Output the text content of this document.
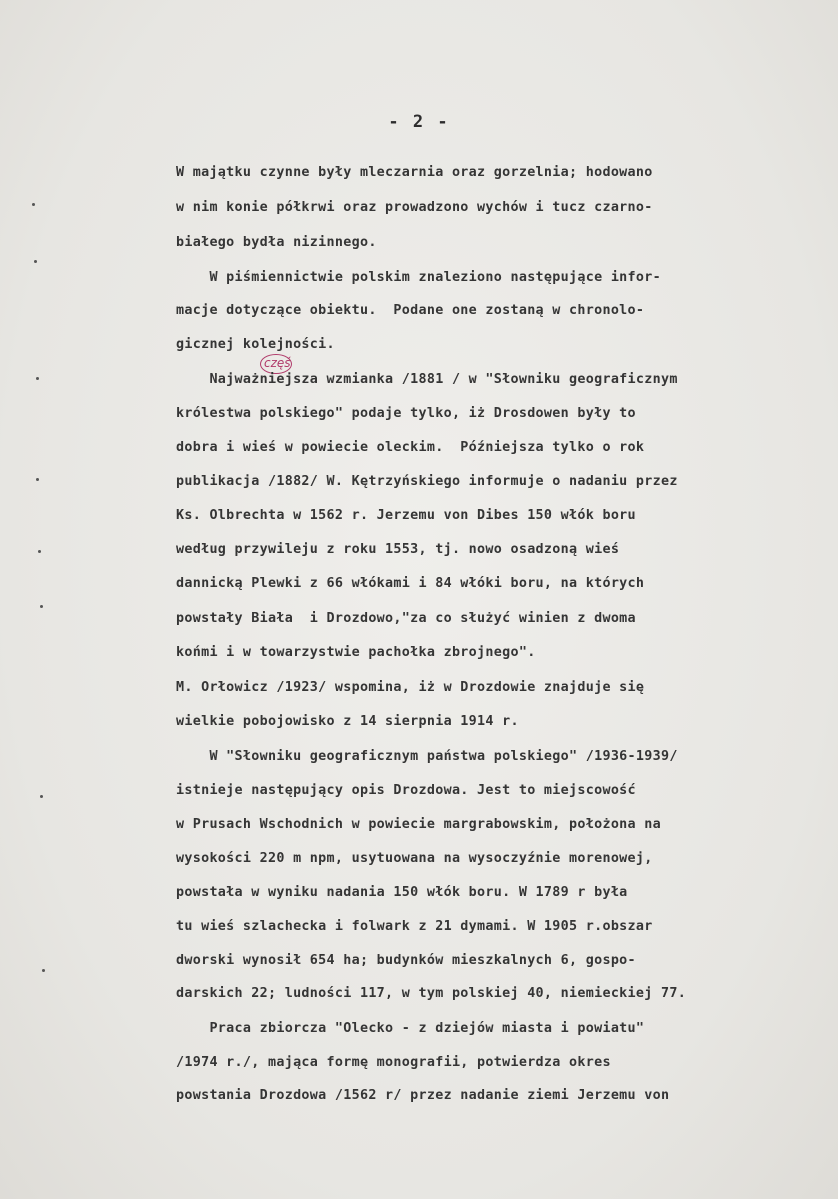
- 2 -
częś
W majątku czynne były mleczarnia oraz gorzelnia; hodowano
w nim konie półkrwi oraz prowadzono wychów i tucz czarno-
białego bydła nizinnego.
W piśmiennictwie polskim znaleziono następujące infor-
macje dotyczące obiektu.  Podane one zostaną w chronolo-
gicznej kolejności.
Najważniejsza wzmianka /1881 / w "Słowniku geograficznym
królestwa polskiego" podaje tylko, iż Drosdowen były to
dobra i wieś w powiecie oleckim.  Późniejsza tylko o rok
publikacja /1882/ W. Kętrzyńskiego informuje o nadaniu przez
Ks. Olbrechta w 1562 r. Jerzemu von Dibes 150 włók boru
według przywileju z roku 1553, tj. nowo osadzoną wieś
dannicką Plewki z 66 włókami i 84 włóki boru, na których
powstały Biała  i Drozdowo,"za co służyć winien z dwoma
końmi i w towarzystwie pachołka zbrojnego".
M. Orłowicz /1923/ wspomina, iż w Drozdowie znajduje się
wielkie pobojowisko z 14 sierpnia 1914 r.
W "Słowniku geograficznym państwa polskiego" /1936-1939/
istnieje następujący opis Drozdowa. Jest to miejscowość
w Prusach Wschodnich w powiecie margrabowskim, położona na
wysokości 220 m npm, usytuowana na wysoczyźnie morenowej,
powstała w wyniku nadania 150 włók boru. W 1789 r była
tu wieś szlachecka i folwark z 21 dymami. W 1905 r.obszar
dworski wynosił 654 ha; budynków mieszkalnych 6, gospo-
darskich 22; ludności 117, w tym polskiej 40, niemieckiej 77.
Praca zbiorcza "Olecko - z dziejów miasta i powiatu"
/1974 r./, mająca formę monografii, potwierdza okres
powstania Drozdowa /1562 r/ przez nadanie ziemi Jerzemu von
